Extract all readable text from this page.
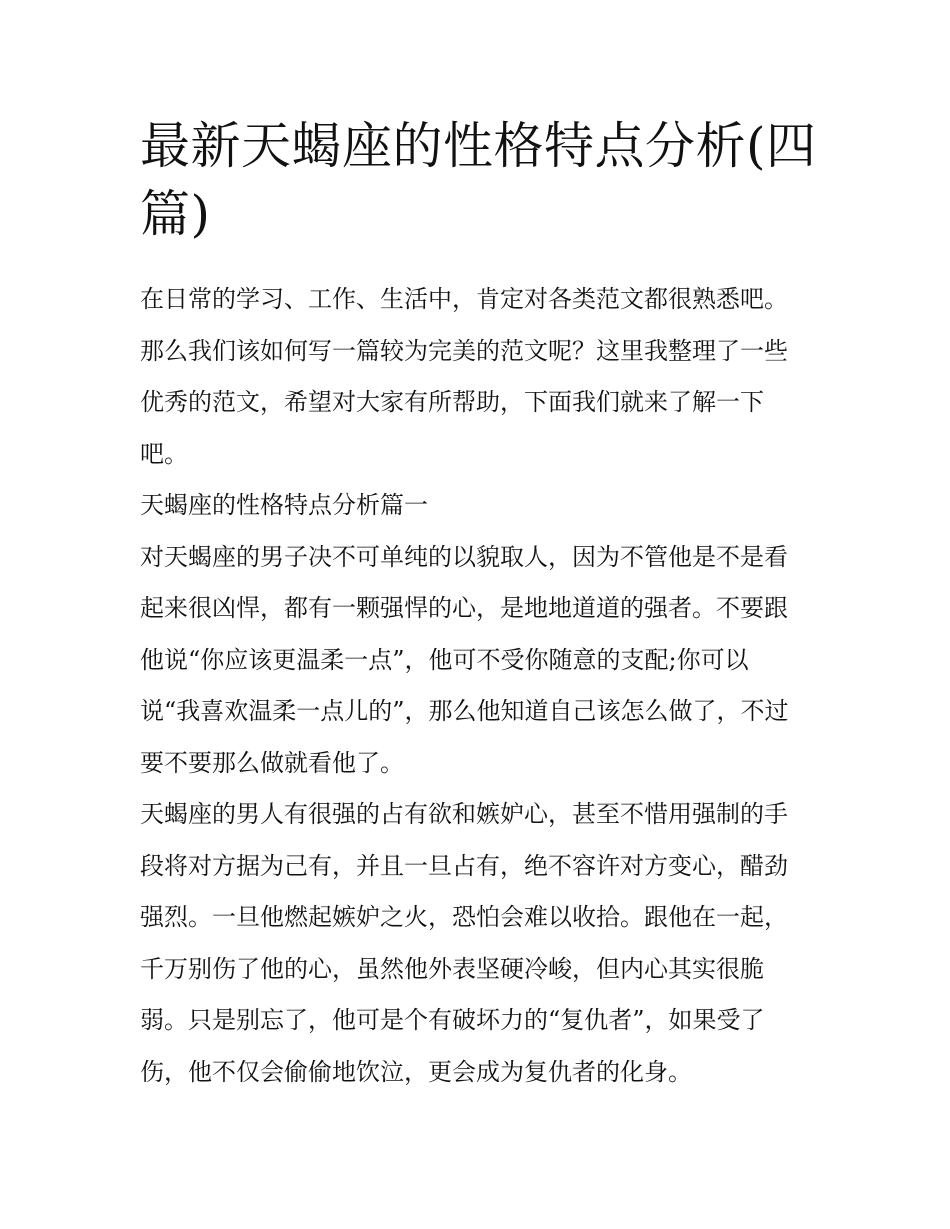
最新天蝎座的性格特点分析(四
篇)
在日常的学习、工作、生活中，肯定对各类范文都很熟悉吧。
那么我们该如何写一篇较为完美的范文呢？这里我整理了一些
优秀的范文，希望对大家有所帮助，下面我们就来了解一下
吧。
天蝎座的性格特点分析篇一
对天蝎座的男子决不可单纯的以貌取人，因为不管他是不是看
起来很凶悍，都有一颗强悍的心，是地地道道的强者。不要跟
他说“你应该更温柔一点”，他可不受你随意的支配;你可以
说“我喜欢温柔一点儿的”，那么他知道自己该怎么做了，不过
要不要那么做就看他了。
天蝎座的男人有很强的占有欲和嫉妒心，甚至不惜用强制的手
段将对方据为己有，并且一旦占有，绝不容许对方变心，醋劲
强烈。一旦他燃起嫉妒之火，恐怕会难以收拾。跟他在一起，
千万别伤了他的心，虽然他外表坚硬冷峻，但内心其实很脆
弱。只是别忘了，他可是个有破坏力的“复仇者”，如果受了
伤，他不仅会偷偷地饮泣，更会成为复仇者的化身。
